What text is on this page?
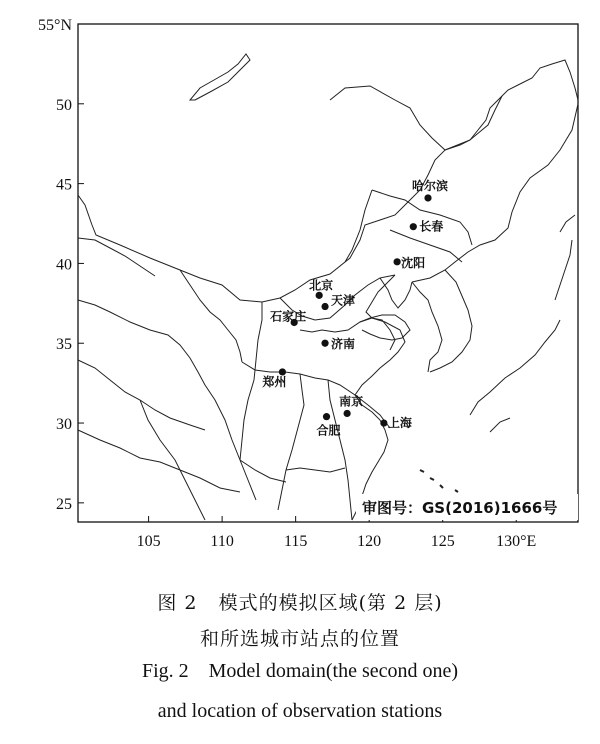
55°N
50
45
40
35
30
25
105	110	115	120	125	130°E
哈尔滨
长春
沈阳
北京
天津
石家庄
济南
郑州
南京
合肥
上海
审图号：GS(2016)1666号
图 2   模式的模拟区域(第 2 层)
和所选城市站点的位置
Fig. 2    Model domain(the second one)
and location of observation stations
